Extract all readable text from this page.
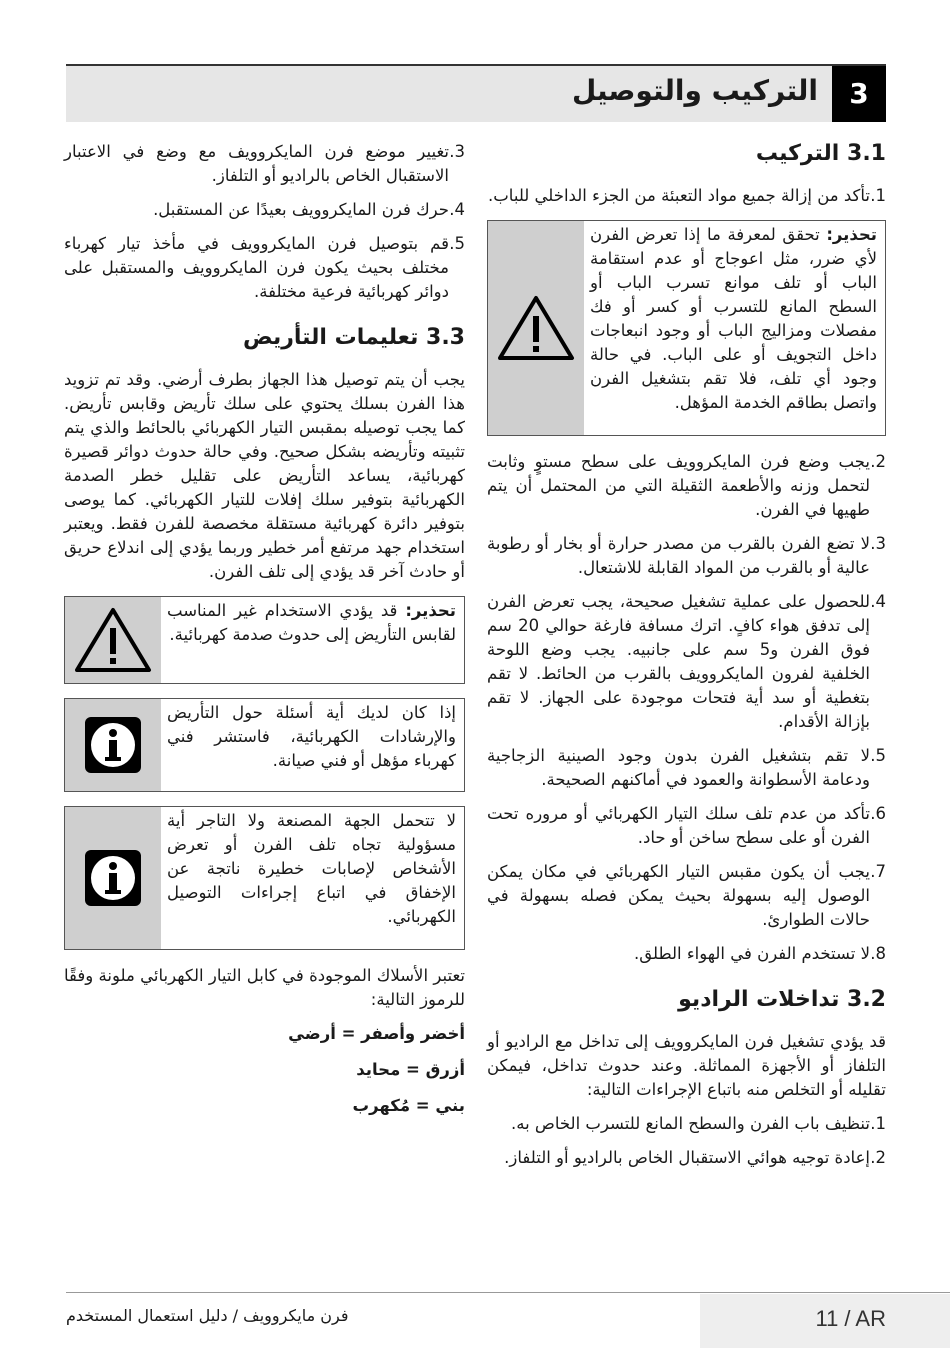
التركيب والتوصيل	3
3.1 التركيب
1.
تأكد من إزالة جميع مواد التعبئة من الجزء الداخلي للباب.
تحذير: تحقق لمعرفة ما إذا تعرض الفرن لأي ضرر، مثل اعوجاج أو عدم استقامة الباب أو تلف موانع تسرب الباب أو السطح المانع للتسرب أو كسر أو فك مفصلات ومزاليج الباب أو وجود انبعاجات داخل التجويف أو على الباب. في حالة وجود أي تلف، فلا تقم بتشغيل الفرن واتصل بطاقم الخدمة المؤهل.
2.
يجب وضع فرن المايكروويف على سطح مستوٍ وثابت لتحمل وزنه والأطعمة الثقيلة التي من المحتمل أن يتم طهيها في الفرن.
3.
لا تضع الفرن بالقرب من مصدر حرارة أو بخار أو رطوبة عالية أو بالقرب من المواد القابلة للاشتعال.
4.
للحصول على عملية تشغيل صحيحة، يجب تعرض الفرن إلى تدفق هواء كافٍ. اترك مسافة فارغة حوالي 20 سم فوق الفرن و5 سم على جانبيه. يجب وضع اللوحة الخلفية لفرون المايكروويف بالقرب من الحائط. لا تقم بتغطية أو سد أية فتحات موجودة على الجهاز. لا تقم بإزالة الأقدام.
5.
لا تقم بتشغيل الفرن بدون وجود الصينية الزجاجية ودعامة الأسطوانة والعمود في أماكنهم الصحيحة.
6.
تأكد من عدم تلف سلك التيار الكهربائي أو مروره تحت الفرن أو على سطح ساخن أو حاد.
7.
يجب أن يكون مقبس التيار الكهربائي في مكان يمكن الوصول إليه بسهولة بحيث يمكن فصله بسهولة في حالات الطوارئ.
8.
لا تستخدم الفرن في الهواء الطلق.
3.2 تداخلات الراديو

قد يؤدي تشغيل فرن المايكروويف إلى تداخل مع الراديو أو التلفاز أو الأجهزة المماثلة. وعند حدوث تداخل، فيمكن تقليله أو التخلص منه باتباع الإجراءات التالية:

1.
تنظيف باب الفرن والسطح المانع للتسرب الخاص به.
2.
إعادة توجيه هوائي الاستقبال الخاص بالراديو أو التلفاز.
3.
تغيير موضع فرن المايكروويف مع وضع في الاعتبار الاستقبال الخاص بالراديو أو التلفاز.
4.
حرك فرن المايكروويف بعيدًا عن المستقبل.
5.
قم بتوصيل فرن المايكروويف في مأخذ تيار كهرباء مختلف بحيث يكون فرن المايكروويف والمستقبل على دوائر كهربائية فرعية مختلفة.
3.3 تعليمات التأريض

يجب أن يتم توصيل هذا الجهاز بطرف أرضي. وقد تم تزويد هذا الفرن بسلك يحتوي على سلك تأريض وقابس تأريض. كما يجب توصيله بمقبس التيار الكهربائي بالحائط والذي يتم تثبيته وتأريضه بشكل صحيح. وفي حالة حدوث دوائر قصيرة كهربائية، يساعد التأريض على تقليل خطر الصدمة الكهربائية بتوفير سلك إفلات للتيار الكهربائي. كما يوصى بتوفير دائرة كهربائية مستقلة مخصصة للفرن فقط. ويعتبر استخدام جهد مرتفع أمر خطير وربما يؤدي إلى اندلاع حريق أو حادث آخر قد يؤدي إلى تلف الفرن.

تحذير: قد يؤدي الاستخدام غير المناسب لقابس التأريض إلى حدوث صدمة كهربائية.
إذا كان لديك أية أسئلة حول التأريض والإرشادات الكهربائية، فاستشر فني كهرباء مؤهل أو فني صيانة.
لا تتحمل الجهة المصنعة ولا التاجر أية مسؤولية تجاه تلف الفرن أو تعرض الأشخاص لإصابات خطيرة ناتجة عن الإخفاق في اتباع إجراءات التوصيل الكهربائي.

تعتبر الأسلاك الموجودة في كابل التيار الكهربائي ملونة وفقًا للرموز التالية:

أخضر وأصفر = أرضي
أزرق = محايد
بني = مُكهرب
فرن مايكروويف / دليل استعمال المستخدم	11 / AR
